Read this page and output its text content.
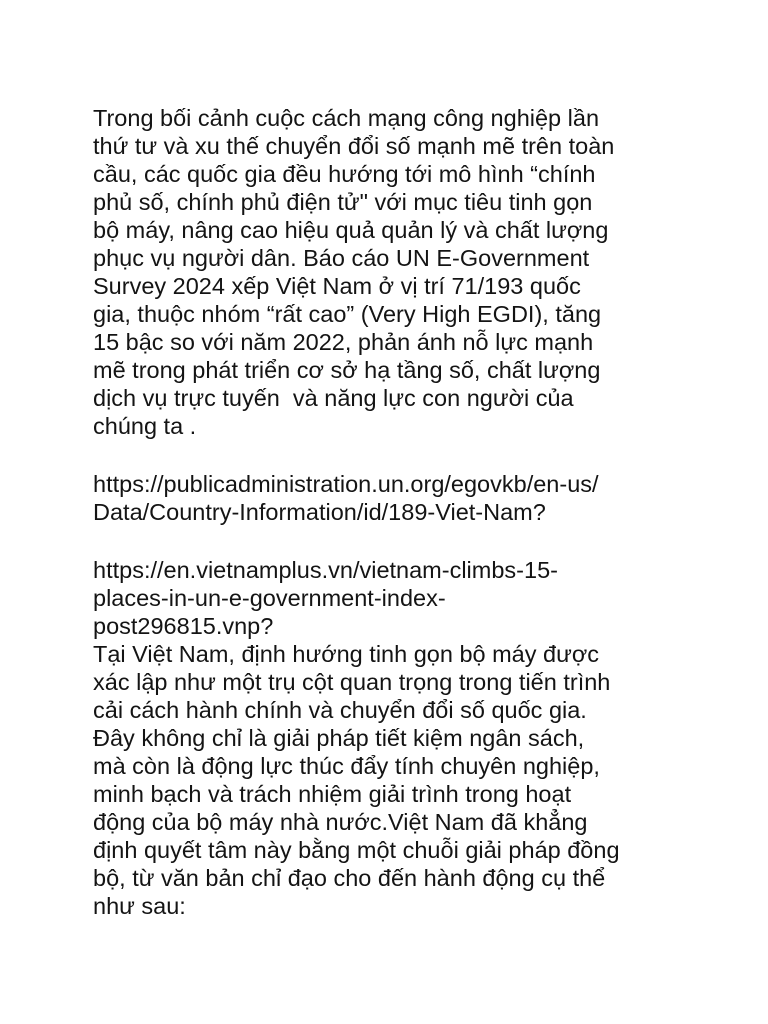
Trong bối cảnh cuộc cách mạng công nghiệp lần
thứ tư và xu thế chuyển đổi số mạnh mẽ trên toàn
cầu, các quốc gia đều hướng tới mô hình “chính
phủ số, chính phủ điện tử" với mục tiêu tinh gọn
bộ máy, nâng cao hiệu quả quản lý và chất lượng
phục vụ người dân. Báo cáo UN E-Government
Survey 2024 xếp Việt Nam ở vị trí 71/193 quốc
gia, thuộc nhóm “rất cao” (Very High EGDI), tăng
15 bậc so với năm 2022, phản ánh nỗ lực mạnh
mẽ trong phát triển cơ sở hạ tầng số, chất lượng
dịch vụ trực tuyến  và năng lực con người của
chúng ta .
https://publicadministration.un.org/egovkb/en-us/
Data/Country-Information/id/189-Viet-Nam?
https://en.vietnamplus.vn/vietnam-climbs-15-
places-in-un-e-government-index-
post296815.vnp?
Tại Việt Nam, định hướng tinh gọn bộ máy được
xác lập như một trụ cột quan trọng trong tiến trình
cải cách hành chính và chuyển đổi số quốc gia.
Đây không chỉ là giải pháp tiết kiệm ngân sách,
mà còn là động lực thúc đẩy tính chuyên nghiệp,
minh bạch và trách nhiệm giải trình trong hoạt
động của bộ máy nhà nước.Việt Nam đã khẳng
định quyết tâm này bằng một chuỗi giải pháp đồng
bộ, từ văn bản chỉ đạo cho đến hành động cụ thể
như sau:
